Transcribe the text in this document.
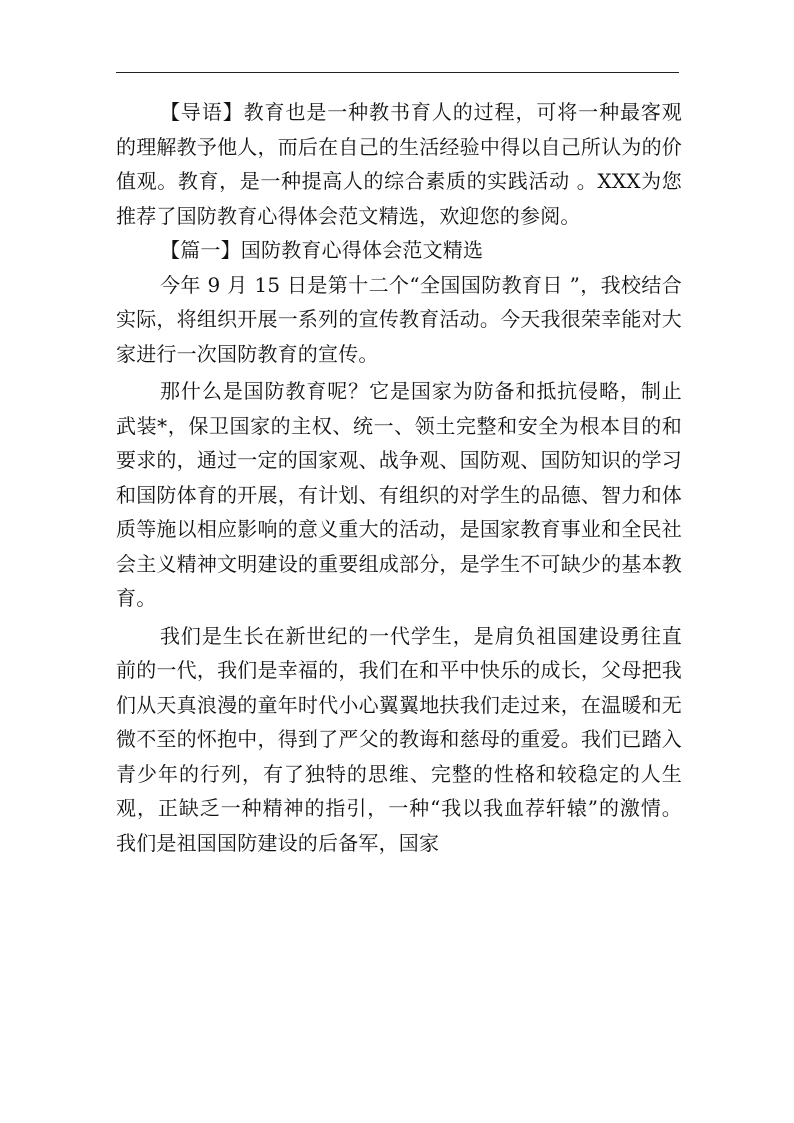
【导语】教育也是一种教书育人的过程，可将一种最客观的理解教予他人，而后在自己的生活经验中得以自己所认为的价值观。教育，是一种提高人的综合素质的实践活动 。XXX为您推荐了国防教育心得体会范文精选，欢迎您的参阅。

【篇一】国防教育心得体会范文精选

今年 9 月 15 日是第十二个“全国国防教育日 ”，我校结合实际，将组织开展一系列的宣传教育活动。今天我很荣幸能对大家进行一次国防教育的宣传。

那什么是国防教育呢？它是国家为防备和抵抗侵略，制止武装*，保卫国家的主权、统一、领土完整和安全为根本目的和要求的，通过一定的国家观、战争观、国防观、国防知识的学习和国防体育的开展，有计划、有组织的对学生的品德、智力和体质等施以相应影响的意义重大的活动，是国家教育事业和全民社会主义精神文明建设的重要组成部分，是学生不可缺少的基本教育。

我们是生长在新世纪的一代学生，是肩负祖国建设勇往直前的一代，我们是幸福的，我们在和平中快乐的成长，父母把我们从天真浪漫的童年时代小心翼翼地扶我们走过来，在温暖和无微不至的怀抱中，得到了严父的教诲和慈母的重爱。我们已踏入青少年的行列，有了独特的思维、完整的性格和较稳定的人生观，正缺乏一种精神的指引，一种“我以我血荐轩辕”的激情。我们是祖国国防建设的后备军，国家
